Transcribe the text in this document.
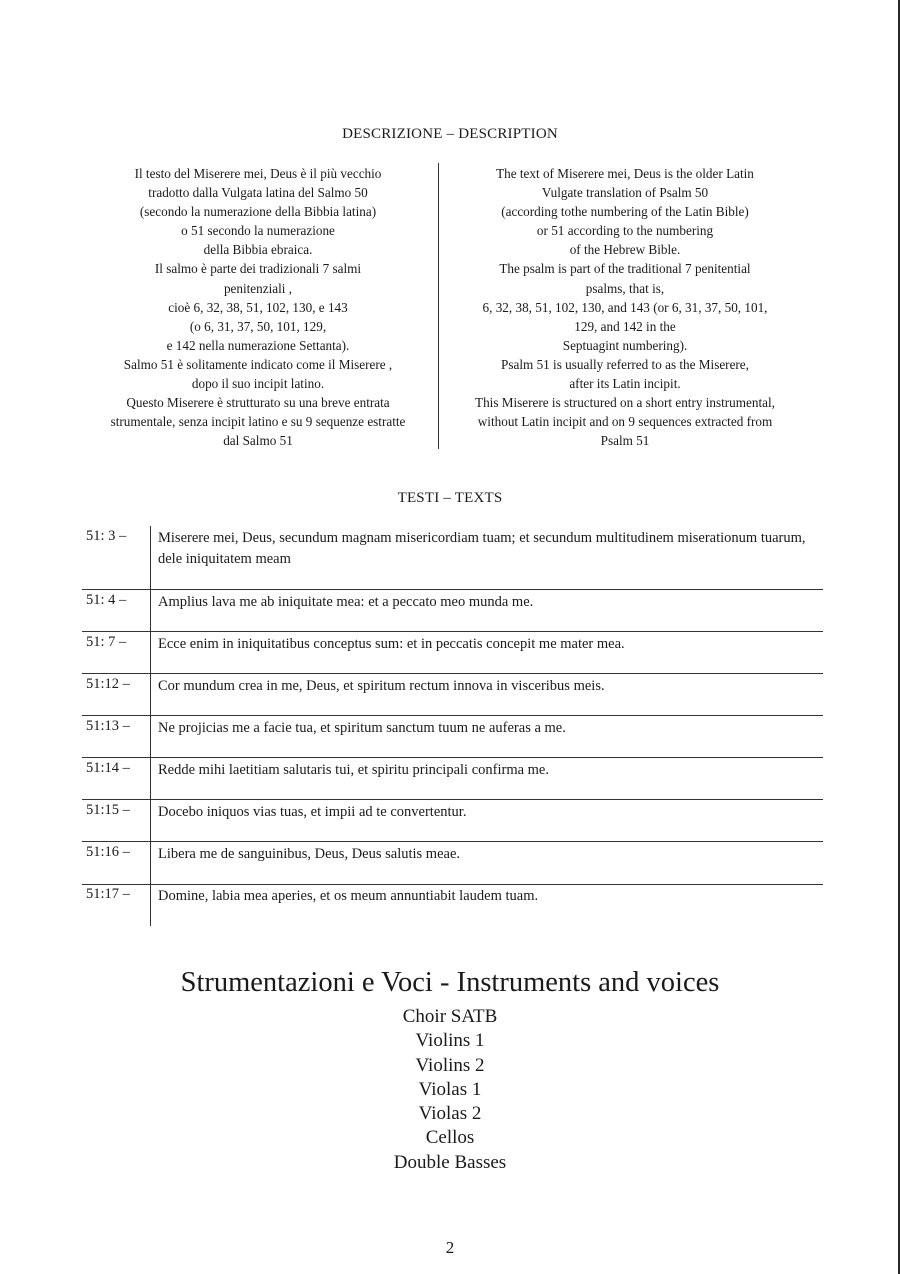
DESCRIZIONE – DESCRIPTION
Il testo del Miserere mei, Deus è il più vecchio
tradotto dalla Vulgata latina del Salmo 50
(secondo la numerazione della Bibbia latina)
o 51 secondo la numerazione
della Bibbia ebraica.
Il salmo è parte dei tradizionali 7 salmi
penitenziali ,
cioè 6, 32, 38, 51, 102, 130, e 143
(o 6, 31, 37, 50, 101, 129,
e 142 nella numerazione Settanta).
Salmo 51 è solitamente indicato come il Miserere ,
dopo il suo incipit latino.
Questo Miserere è strutturato su una breve entrata
strumentale, senza incipit latino e su 9 sequenze estratte
dal Salmo 51
The text of Miserere mei, Deus is the older Latin
Vulgate translation of Psalm 50
(according tothe numbering of the Latin Bible)
or 51 according to the numbering
of the Hebrew Bible.
The psalm is part of the traditional 7 penitential
psalms, that is,
6, 32, 38, 51, 102, 130, and 143 (or 6, 31, 37, 50, 101,
129, and 142 in the
Septuagint numbering).
Psalm 51 is usually referred to as the Miserere,
after its Latin incipit.
This Miserere is structured on a short entry instrumental,
without Latin incipit and on 9 sequences extracted from
Psalm 51
TESTI – TEXTS
51: 3 – Miserere mei, Deus, secundum magnam misericordiam tuam; et secundum multitudinem miserationum tuarum, dele iniquitatem meam
51: 4 – Amplius lava me ab iniquitate mea: et a peccato meo munda me.
51: 7 – Ecce enim in iniquitatibus conceptus sum: et in peccatis concepit me mater mea.
51:12 – Cor mundum crea in me, Deus, et spiritum rectum innova in visceribus meis.
51:13 – Ne projicias me a facie tua, et spiritum sanctum tuum ne auferas a me.
51:14 – Redde mihi laetitiam salutaris tui, et spiritu principali confirma me.
51:15 – Docebo iniquos vias tuas, et impii ad te convertentur.
51:16 – Libera me de sanguinibus, Deus, Deus salutis meae.
51:17 – Domine, labia mea aperies, et os meum annuntiabit laudem tuam.
Strumentazioni e Voci - Instruments and voices
Choir SATB
Violins 1
Violins 2
Violas 1
Violas 2
Cellos
Double Basses
2
